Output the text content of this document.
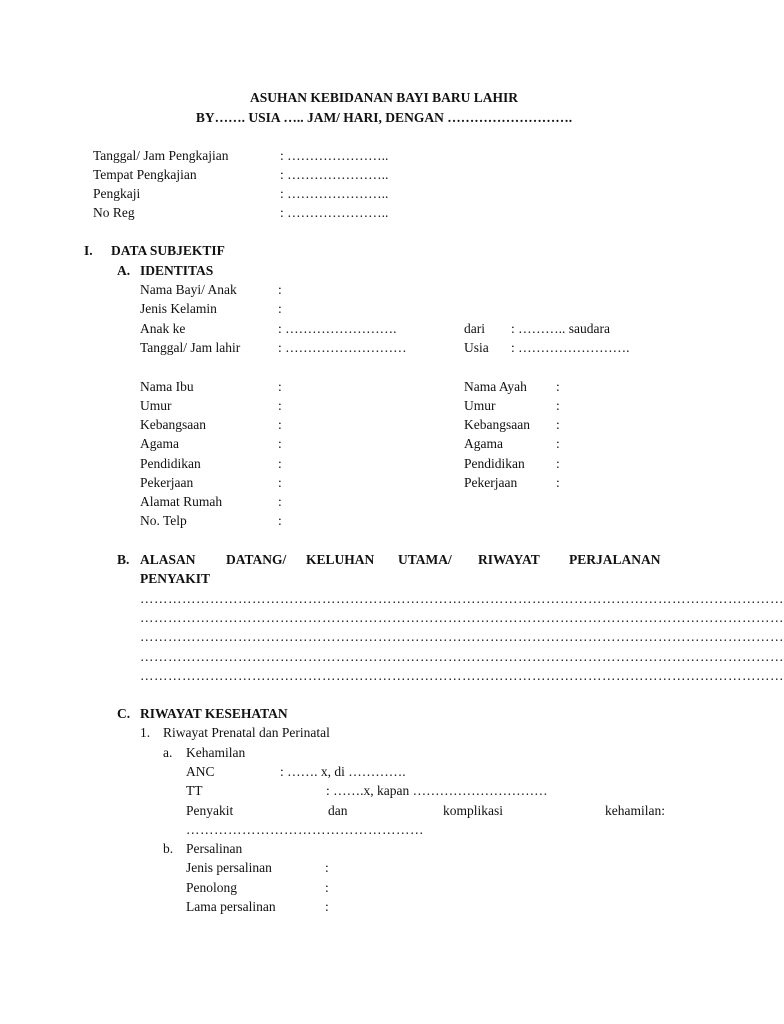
ASUHAN KEBIDANAN BAYI BARU LAHIR
BY……. USIA ….. JAM/ HARI, DENGAN ……………………….
Tanggal/ Jam Pengkajian	: …………………..
Tempat Pengkajian	: …………………..
Pengkaji	: …………………..
No Reg	: …………………..
I. DATA SUBJEKTIF
A. IDENTITAS
Nama Bayi/ Anak	:
Jenis Kelamin	:
Anak ke	: …………………….	dari : ……….. saudara
Tanggal/ Jam lahir	: ………………………	Usia : …………………….
Nama Ibu	:	Nama Ayah :
Umur	:	Umur	:
Kebangsaan	:	Kebangsaan :
Agama	:	Agama	:
Pendidikan	:	Pendidikan :
Pekerjaan	:	Pekerjaan	:
Alamat Rumah	:
No. Telp	:
B. ALASAN DATANG/ KELUHAN UTAMA/ RIWAYAT PERJALANAN
PENYAKIT
…………………………………………………………………………………………………………………………
…………………………………………………………………………………………………………………………
…………………………………………………………………………………………………………………………
…………………………………………………………………………………………………………………………
…………………………………………………………………………………………………………………………
C. RIWAYAT KESEHATAN
1. Riwayat Prenatal dan Perinatal
a. Kehamilan
ANC	: ……. x, di ………….
TT	: …….x, kapan …………………………
Penyakit	dan	komplikasi	kehamilan:
……………………………………………
b. Persalinan
Jenis persalinan	:
Penolong	:
Lama persalinan	:
